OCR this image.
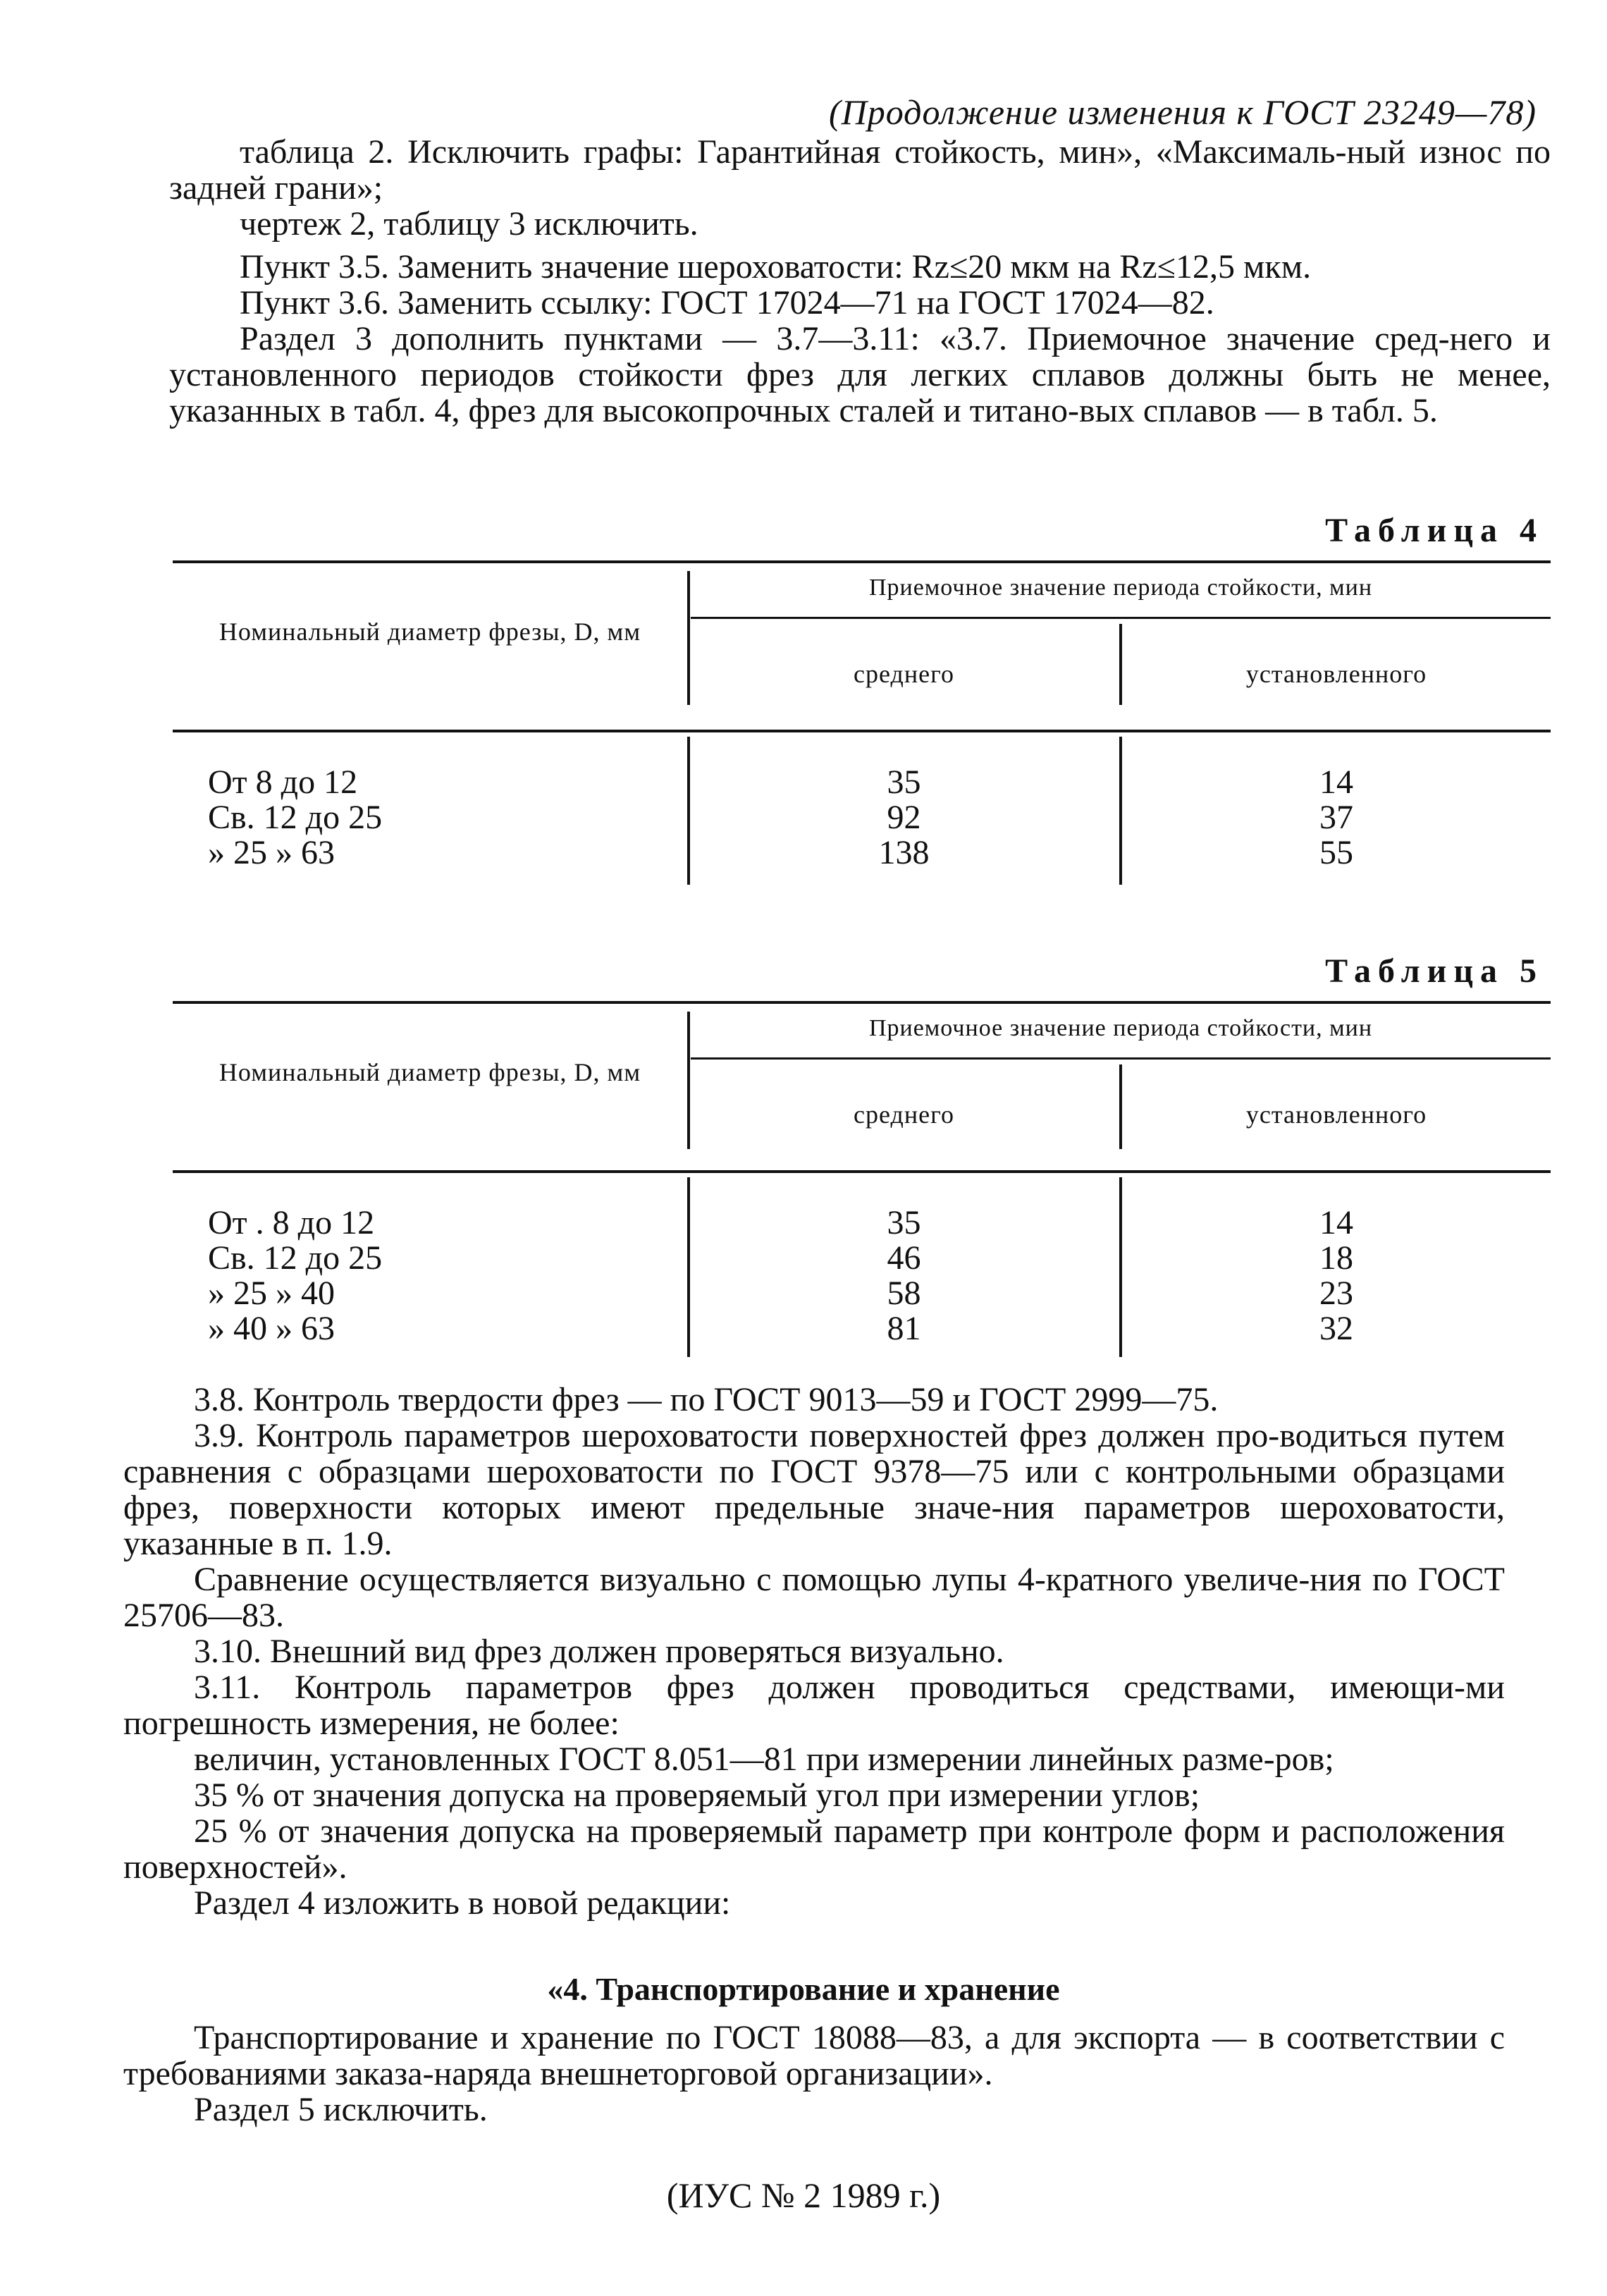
(Продолжение изменения к ГОСТ 23249—78)

таблица 2. Исключить графы: Гарантийная стойкость, мин», «Максималь-ный износ по задней грани»;

чертеж 2, таблицу 3 исключить.

Пункт 3.5. Заменить значение шероховатости: Rz≤20 мкм на Rz≤12,5 мкм.

Пункт 3.6. Заменить ссылку: ГОСТ 17024—71 на ГОСТ 17024—82.

Раздел 3 дополнить пунктами — 3.7—3.11: «3.7. Приемочное значение сред-него и установленного периодов стойкости фрез для легких сплавов должны быть не менее, указанных в табл. 4, фрез для высокопрочных сталей и титано-вых сплавов — в табл. 5.

Таблица 4
Приемочное значение периода стойкости, мин
Номинальный диаметр фрезы, D, мм
среднего	установленного
От 8 до 12
Св. 12 до 25
» 25 » 63
35
92
138
14
37
55
Таблица 5
Приемочное значение периода стойкости, мин
Номинальный диаметр фрезы, D, мм
среднего	установленного
От . 8 до 12
Св. 12 до 25
» 25 » 40
» 40 » 63
35
46
58
81
14
18
23
32

3.8. Контроль твердости фрез — по ГОСТ 9013—59 и ГОСТ 2999—75.

3.9. Контроль параметров шероховатости поверхностей фрез должен про-водиться путем сравнения с образцами шероховатости по ГОСТ 9378—75 или с контрольными образцами фрез, поверхности которых имеют предельные значе-ния параметров шероховатости, указанные в п. 1.9.

Сравнение осуществляется визуально с помощью лупы 4-кратного увеличе-ния по ГОСТ 25706—83.

3.10. Внешний вид фрез должен проверяться визуально.

3.11. Контроль параметров фрез должен проводиться средствами, имеющи-ми погрешность измерения, не более:

величин, установленных ГОСТ 8.051—81 при измерении линейных разме-ров;

35 % от значения допуска на проверяемый угол при измерении углов;

25 % от значения допуска на проверяемый параметр при контроле форм и расположения поверхностей».

Раздел 4 изложить в новой редакции:

«4. Транспортирование и хранение

Транспортирование и хранение по ГОСТ 18088—83, а для экспорта — в соответствии с требованиями заказа-наряда внешнеторговой организации».

Раздел 5 исключить.

(ИУС № 2 1989 г.)
